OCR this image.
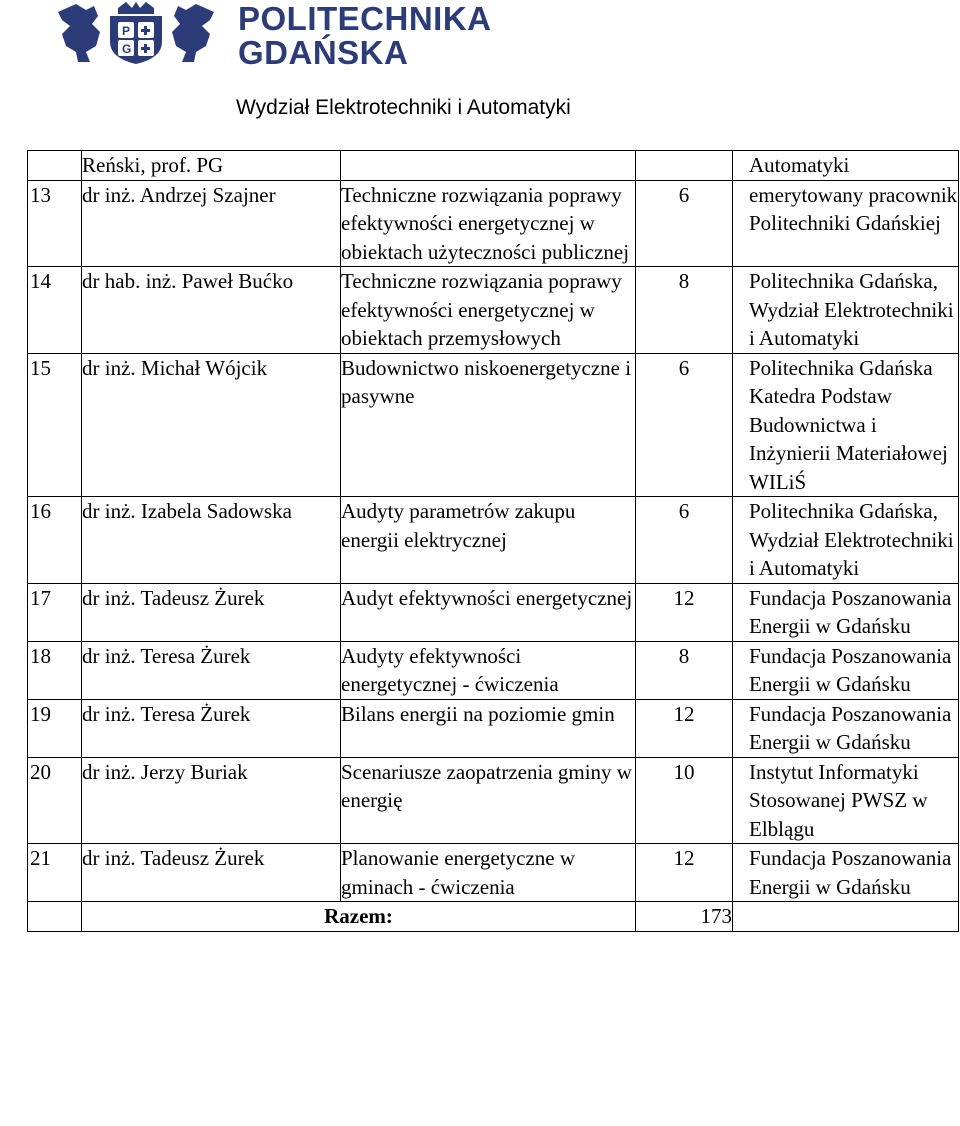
P
G
POLITECHNIKA
GDAŃSKA
Wydział Elektrotechniki i Automatyki

	Reński, prof. PG			Automatyki

13	dr inż. Andrzej Szajner	Techniczne rozwiązania poprawy efektywności energetycznej w obiektach użyteczności publicznej	6	emerytowany pracownik Politechniki Gdańskiej

14	dr hab. inż. Paweł Bućko	Techniczne rozwiązania poprawy efektywności energetycznej w obiektach przemysłowych	8	Politechnika Gdańska, Wydział Elektrotechniki i Automatyki

15	dr inż. Michał Wójcik	Budownictwo niskoenergetyczne i pasywne	6	Politechnika Gdańska Katedra Podstaw Budownictwa i Inżynierii Materiałowej WILiŚ

16	dr inż. Izabela Sadowska	Audyty parametrów zakupu energii elektrycznej	6	Politechnika Gdańska, Wydział Elektrotechniki i Automatyki

17	dr inż. Tadeusz Żurek	Audyt efektywności energetycznej	12	Fundacja Poszanowania Energii w Gdańsku

18	dr inż. Teresa Żurek	Audyty efektywności energetycznej - ćwiczenia	8	Fundacja Poszanowania Energii w Gdańsku

19	dr inż. Teresa Żurek	Bilans energii na poziomie gmin	12	Fundacja Poszanowania Energii w Gdańsku

20	dr inż. Jerzy Buriak	Scenariusze zaopatrzenia gminy w energię	10	Instytut Informatyki Stosowanej PWSZ w Elblągu

21	dr inż. Tadeusz Żurek	Planowanie energetyczne w gminach - ćwiczenia	12	Fundacja Poszanowania Energii w Gdańsku

	Razem:		173	
